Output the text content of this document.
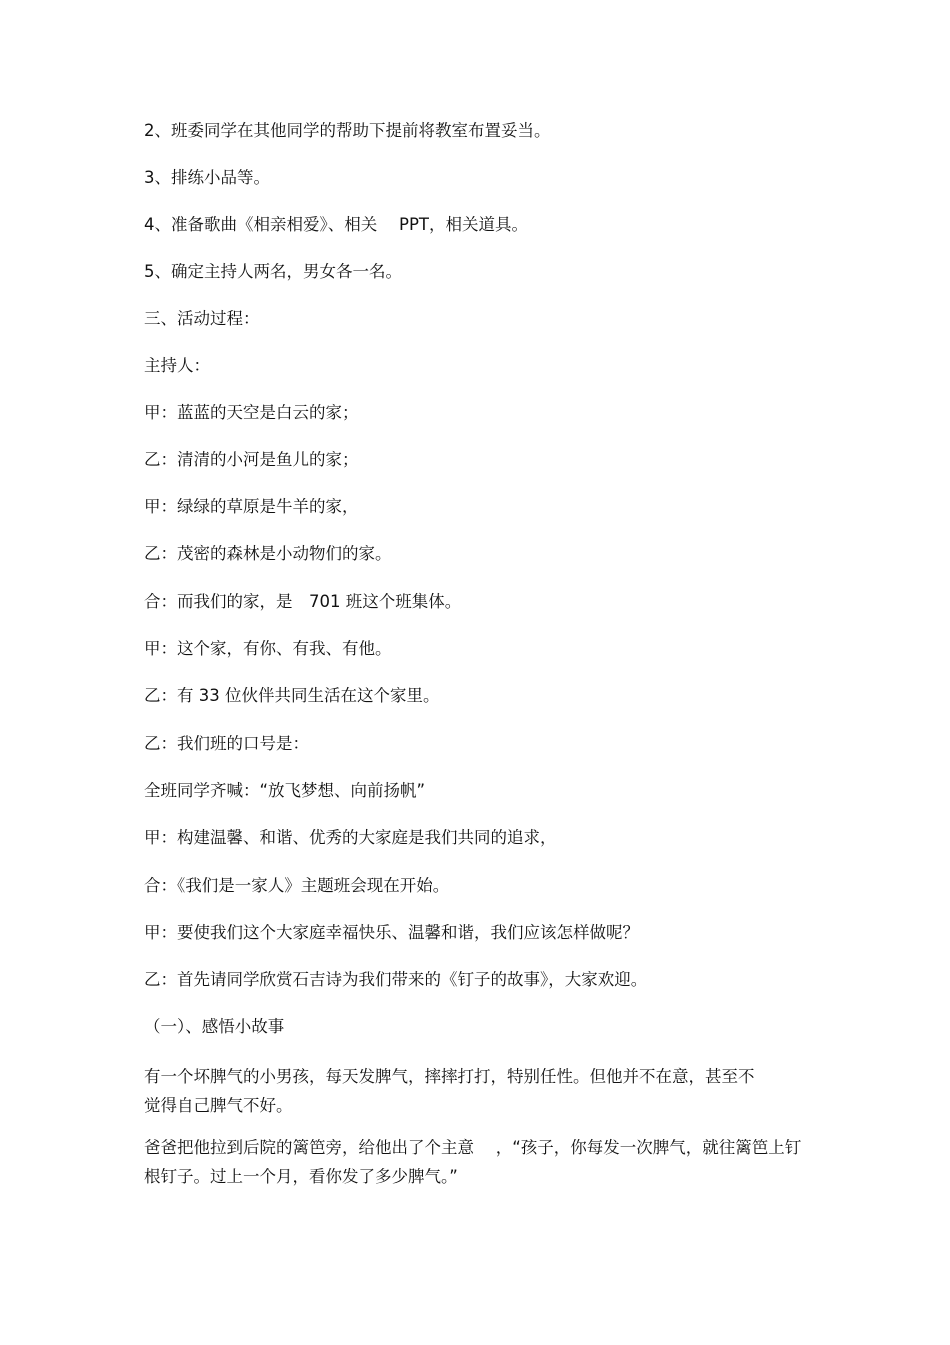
2、班委同学在其他同学的帮助下提前将教室布置妥当。
3、排练小品等。
4、准备歌曲《相亲相爱》、相关　 PPT，相关道具。
5、确定主持人两名，男女各一名。
三、活动过程：
主持人：
甲：蓝蓝的天空是白云的家；
乙：清清的小河是鱼儿的家；
甲：绿绿的草原是牛羊的家，
乙：茂密的森林是小动物们的家。
合：而我们的家，是　701 班这个班集体。
甲：这个家，有你、有我、有他。
乙：有 33 位伙伴共同生活在这个家里。
乙：我们班的口号是：
全班同学齐喊：“放飞梦想、向前扬帆”
甲：构建温馨、和谐、优秀的大家庭是我们共同的追求，
合：《我们是一家人》主题班会现在开始。
甲：要使我们这个大家庭幸福快乐、温馨和谐，我们应该怎样做呢？
乙：首先请同学欣赏石吉诗为我们带来的《钉子的故事》，大家欢迎。
（一）、感悟小故事
有一个坏脾气的小男孩，每天发脾气，摔摔打打，特别任性。但他并不在意，甚至不觉得自己脾气不好。
爸爸把他拉到后院的篱笆旁，给他出了个主意　 ，“孩子，你每发一次脾气，就往篱笆上钉根钉子。过上一个月，看你发了多少脾气。”
